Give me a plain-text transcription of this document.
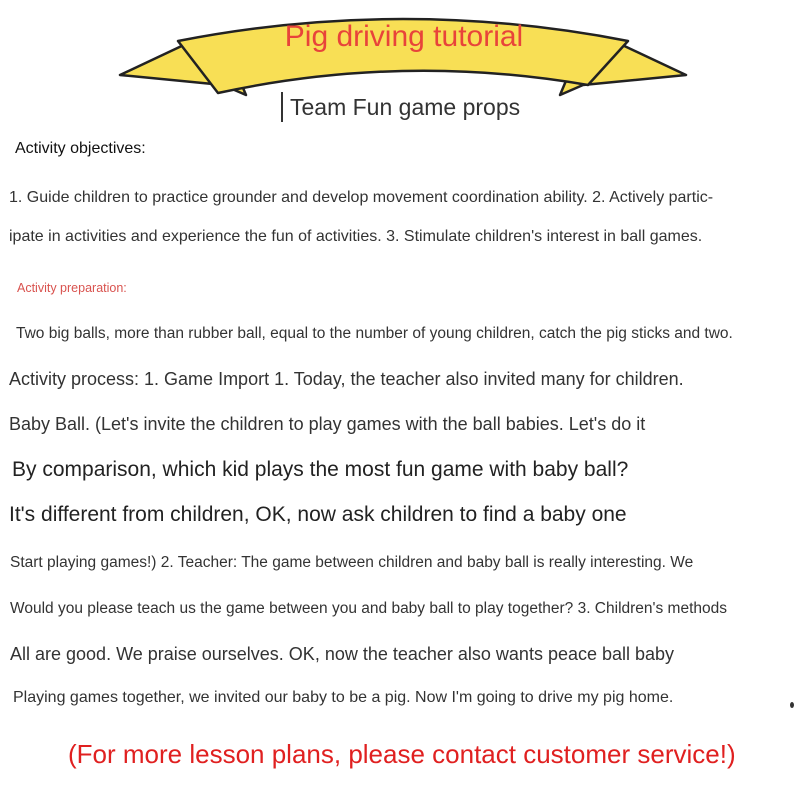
Pig driving tutorial
Team Fun game props
Activity objectives:
1. Guide children to practice grounder and develop movement coordination ability. 2. Actively partic-
ipate in activities and experience the fun of activities. 3. Stimulate children's interest in ball games.
Activity preparation:
Two big balls, more than rubber ball, equal to the number of young children, catch the pig sticks and two.
Activity process: 1. Game Import 1. Today, the teacher also invited many for children.
Baby Ball. (Let's invite the children to play games with the ball babies. Let's do it
By comparison, which kid plays the most fun game with baby ball?
It's different from children, OK, now ask children to find a baby one
Start playing games!) 2. Teacher: The game between children and baby ball is really interesting. We
Would you please teach us the game between you and baby ball to play together? 3. Children's methods
All are good. We praise ourselves. OK, now the teacher also wants peace ball baby
Playing games together, we invited our baby to be a pig. Now I'm going to drive my pig home.
(For more lesson plans, please contact customer service!)
